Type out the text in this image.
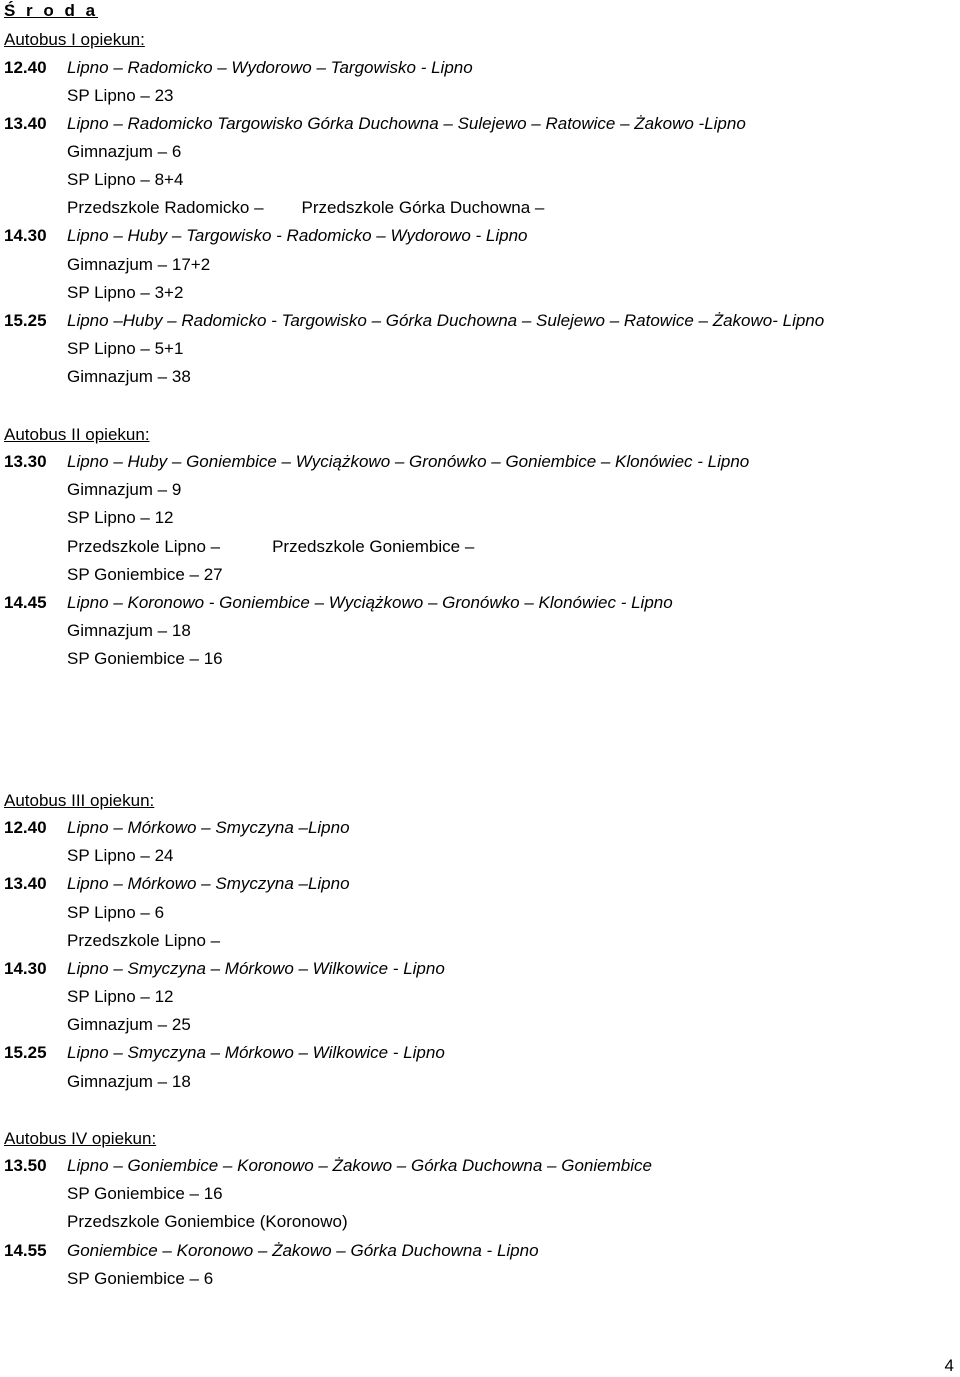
Ś r o d a
Autobus I opiekun:
12.40 Lipno – Radomicko – Wydorowo – Targowisko - Lipno
SP Lipno – 23
13.40 Lipno – Radomicko Targowisko Górka Duchowna – Sulejewo – Ratowice – Żakowo -Lipno
Gimnazjum – 6
SP Lipno – 8+4
Przedszkole Radomicko – Przedszkole Górka Duchowna –
14.30 Lipno – Huby – Targowisko - Radomicko – Wydorowo - Lipno
Gimnazjum – 17+2
SP Lipno – 3+2
15.25 Lipno –Huby – Radomicko - Targowisko – Górka Duchowna – Sulejewo – Ratowice – Żakowo- Lipno
SP Lipno – 5+1
Gimnazjum – 38
Autobus II opiekun:
13.30 Lipno – Huby – Goniembice – Wyciążkowo – Gronówko – Goniembice – Klonówiec - Lipno
Gimnazjum – 9
SP Lipno – 12
Przedszkole Lipno –	Przedszkole Goniembice –
SP Goniembice – 27
14.45 Lipno – Koronowo - Goniembice – Wyciążkowo – Gronówko – Klonówiec - Lipno
Gimnazjum – 18
SP Goniembice – 16
Autobus III opiekun:
12.40 Lipno – Mórkowo – Smyczyna –Lipno
SP Lipno – 24
13.40 Lipno – Mórkowo – Smyczyna –Lipno
SP Lipno – 6
Przedszkole Lipno –
14.30 Lipno – Smyczyna – Mórkowo – Wilkowice - Lipno
SP Lipno – 12
Gimnazjum – 25
15.25 Lipno – Smyczyna – Mórkowo – Wilkowice - Lipno
Gimnazjum – 18
Autobus IV opiekun:
13.50 Lipno – Goniembice – Koronowo – Żakowo – Górka Duchowna – Goniembice
SP Goniembice – 16
Przedszkole Goniembice (Koronowo)
14.55 Goniembice – Koronowo – Żakowo – Górka Duchowna - Lipno
SP Goniembice – 6
4
